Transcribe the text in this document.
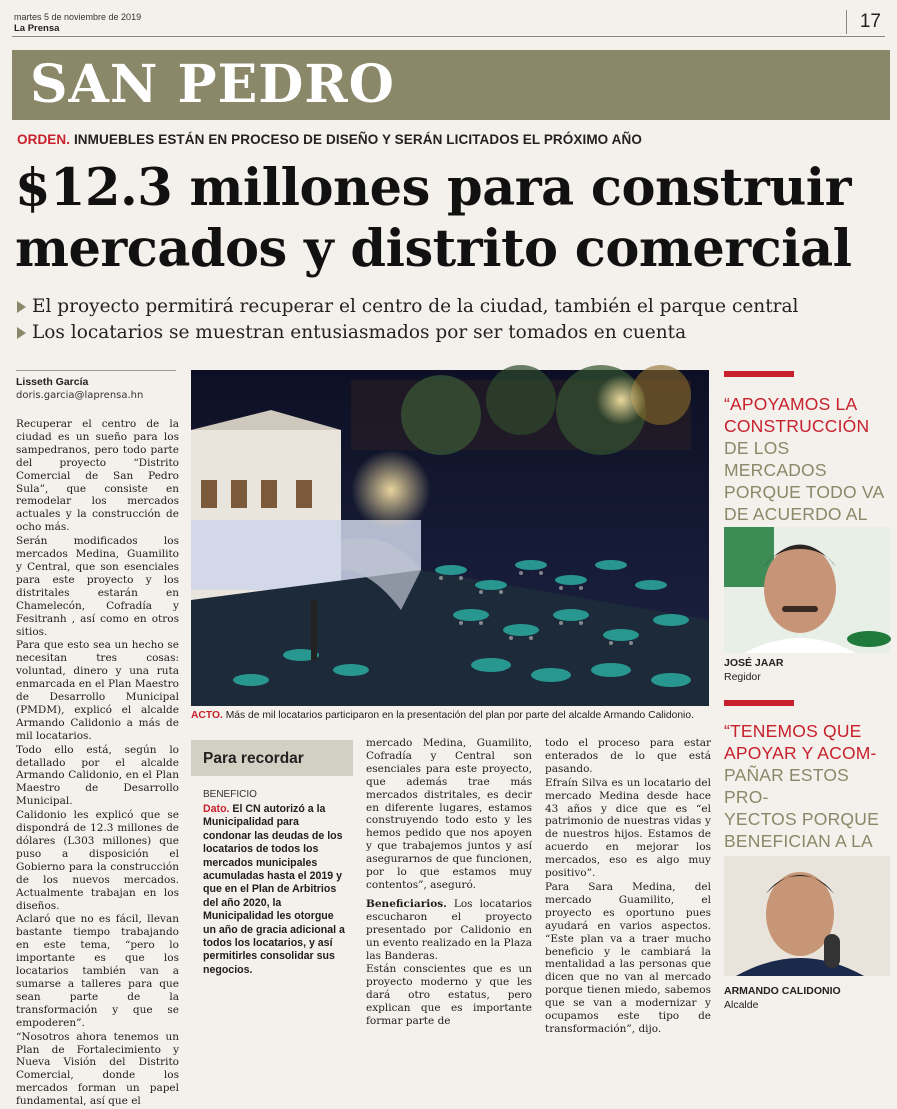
martes 5 de noviembre de 2019
La Prensa	17
SAN PEDRO
ORDEN. INMUEBLES ESTÁN EN PROCESO DE DISEÑO Y SERÁN LICITADOS EL PRÓXIMO AÑO
$12.3 millones para construir
mercados y distrito comercial
El proyecto permitirá recuperar el centro de la ciudad, también el parque central
Los locatarios se muestran entusiasmados por ser tomados en cuenta
Lisseth García
doris.garcia@laprensa.hn

Recuperar el centro de la ciudad es un sueño para los sampedranos, pero todo parte del proyecto “Distrito Comercial de San Pedro Sula”, que consiste en remodelar los mercados actuales y la construcción de ocho más.

Serán modificados los mercados Medina, Guamilito y Central, que son esenciales para este proyecto y los distritales estarán en Chamelecón, Cofradía y Fesitranh , así como en otros sitios.

Para que esto sea un hecho se necesitan tres cosas: voluntad, dinero y una ruta enmarcada en el Plan Maestro de Desarrollo Municipal (PMDM), explicó el alcalde Armando Calidonio a más de mil locatarios.

Todo ello está, según lo detallado por el alcalde Armando Calidonio, en el Plan Maestro de Desarrollo Municipal.

Calidonio les explicó que se dispondrá de 12.3 millones de dólares (L303 millones) que puso a disposición el Gobierno para la construcción de los nuevos mercados. Actualmente trabajan en los diseños.

Aclaró que no es fácil, llevan bastante tiempo trabajando en este tema, “pero lo importante es que los locatarios también van a sumarse a talleres para que sean parte de la transformación y que se empoderen”.

“Nosotros ahora tenemos un Plan de Fortalecimiento y Nueva Visión del Distrito Comercial, donde los mercados forman un papel fundamental, así que el

ACTO. Más de mil locatarios participaron en la presentación del plan por parte del alcalde Armando Calidonio.
Para recordar
BENEFICIO
Dato. El CN autorizó a la Municipalidad para condonar las deudas de los locatarios de todos los mercados municipales acumuladas hasta el 2019 y que en el Plan de Arbitrios del año 2020, la Municipalidad les otorgue un año de gracia adicional a todos los locatarios, y así permitirles consolidar sus negocios.

mercado Medina, Guamilito, Cofradía y Central son esenciales para este proyecto, que además trae más mercados distritales, es decir en diferente lugares, estamos construyendo todo esto y les hemos pedido que nos apoyen y que trabajemos juntos y así asegurarnos de que funcionen, por lo que estamos muy contentos”, aseguró.

Beneficiarios. Los locatarios escucharon el proyecto presentado por Calidonio en un evento realizado en la Plaza las Banderas.

Están conscientes que es un proyecto moderno y que les dará otro estatus, pero explican que es importante formar parte de

todo el proceso para estar enterados de lo que está pasando.

Efraín Silva es un locatario del mercado Medina desde hace 43 años y dice que es “el patrimonio de nuestras vidas y de nuestros hijos. Estamos de acuerdo en mejorar los mercados, eso es algo muy positivo”.

Para Sara Medina, del mercado Guamilito, el proyecto es oportuno pues ayudará en varios aspectos. “Este plan va a traer mucho beneficio y le cambiará la mentalidad a las personas que dicen que no van al mercado porque tienen miedo, sabemos que se van a modernizar y ocupamos este tipo de transformación”, dijo.

“APOYAMOS LA
CONSTRUCCIÓN
DE LOS MERCADOS
PORQUE TODO VA
DE ACUERDO AL
JOSÉ JAAR
Regidor
“TENEMOS QUE
APOYAR Y ACOM-
PAÑAR ESTOS PRO-
YECTOS PORQUE
BENEFICIAN A LA
ARMANDO CALIDONIO
Alcalde
